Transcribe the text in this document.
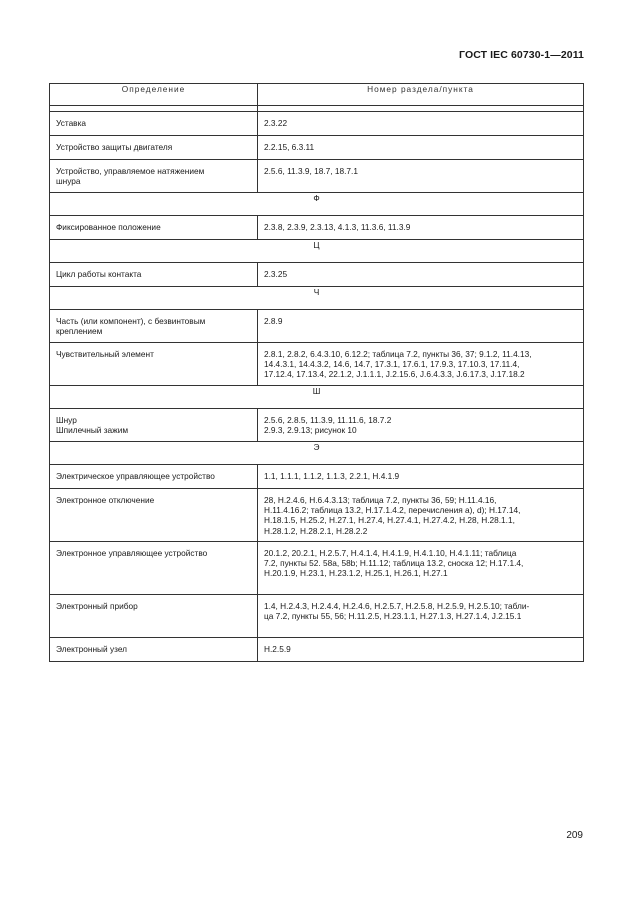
ГОСТ IEC 60730-1—2011
Определение	Номер раздела/пункта

Уставка	2.3.22

Устройство защиты двигателя	2.2.15, 6.3.11

Устройство, управляемое натяжением
шнура	2.5.6, 11.3.9, 18.7, 18.7.1

Ф	

Фиксированное положение	2.3.8, 2.3.9, 2.3.13, 4.1.3, 11.3.6, 11.3.9

Ц	

Цикл работы контакта	2.3.25

Ч	

Часть (или компонент), с безвинтовым
креплением	2.8.9

Чувствительный элемент	2.8.1, 2.8.2, 6.4.3.10, 6.12.2; таблица 7.2, пункты 36, 37; 9.1.2, 11.4.13,
14.4.3.1, 14.4.3.2, 14.6, 14.7, 17.3.1, 17.6.1, 17.9.3, 17.10.3, 17.11.4,
17.12.4, 17.13.4, 22.1.2, J.1.1.1, J.2.15.6, J.6.4.3.3, J.6.17.3, J.17.18.2

Ш	

Шнур
Шпилечный зажим	2.5.6, 2.8.5, 11.3.9, 11.11.6, 18.7.2
2.9.3, 2.9.13; рисунок 10

Э	

Электрическое управляющее устройство	1.1, 1.1.1, 1.1.2, 1.1.3, 2.2.1, H.4.1.9

Электронное отключение	28, H.2.4.6, H.6.4.3.13; таблица 7.2, пункты 36, 59; H.11.4.16,
H.11.4.16.2; таблица 13.2, H.17.1.4.2, перечисления a), d); H.17.14,
H.18.1.5, H.25.2, H.27.1, H.27.4, H.27.4.1, H.27.4.2, H.28, H.28.1.1,
H.28.1.2, H.28.2.1, H.28.2.2

Электронное управляющее устройство	20.1.2, 20.2.1, H.2.5.7, H.4.1.4, H.4.1.9, H.4.1.10, H.4.1.11; таблица
7.2, пункты 52. 58а, 58b; H.11.12; таблица 13.2, сноска 12; H.17.1.4,
H.20.1.9, H.23.1, H.23.1.2, H.25.1, H.26.1, H.27.1

Электронный прибор	1.4, H.2.4.3, H.2.4.4, H.2.4.6, H.2.5.7, H.2.5.8, H.2.5.9, H.2.5.10; табли-
ца 7.2, пункты 55, 56; H.11.2.5, H.23.1.1, H.27.1.3, H.27.1.4, J.2.15.1

Электронный узел	H.2.5.9
209
